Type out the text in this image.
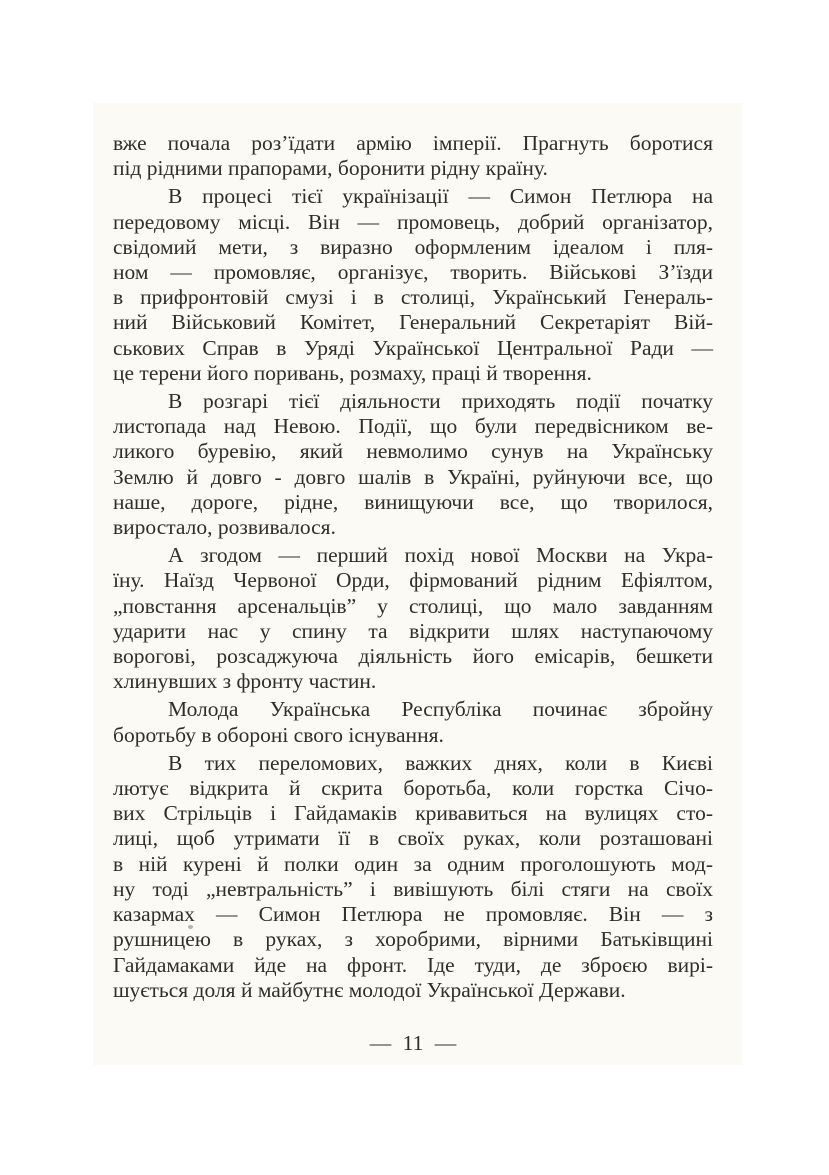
вже почала роз’їдати армію імперії. Прагнуть боротися
під рідними прапорами, боронити рідну країну.

В процесі тієї українізації — Симон Петлюра на
передовому місці. Він — промовець, добрий організатор,
свідомий мети, з виразно оформленим ідеалом і пля-
ном — промовляє, організує, творить. Військові З’їзди
в прифронтовій смузі і в столиці, Український Генераль-
ний Військовий Комітет, Генеральний Секретаріят Вій-
ськових Справ в Уряді Української Центральної Ради —
це терени його поривань, розмаху, праці й творення.

В розгарі тієї діяльности приходять події початку
листопада над Невою. Події, що були передвісником ве-
ликого буревію, який невмолимо сунув на Українську
Землю й довго - довго шалів в Україні, руйнуючи все, що
наше, дороге, рідне, винищуючи все, що творилося,
виростало, розвивалося.

А згодом — перший похід нової Москви на Укра-
їну. Наїзд Червоної Орди, фірмований рідним Ефіялтом,
„повстання арсенальців” у столиці, що мало завданням
ударити нас у спину та відкрити шлях наступаючому
ворогові, розсаджуюча діяльність його емісарів, бешкети
хлинувших з фронту частин.

Молода Українська Республіка починає збройну
боротьбу в обороні свого існування.

В тих переломових, важких днях, коли в Києві
лютує відкрита й скрита боротьба, коли горстка Січо-
вих Стрільців і Гайдамаків кривавиться на вулицях сто-
лиці, щоб утримати її в своїх руках, коли розташовані
в ній курені й полки один за одним проголошують мод-
ну тоді „невтральність” і вивішують білі стяги на своїх
казармах — Симон Петлюра не промовляє. Він — з
рушницею в руках, з хоробрими, вірними Батьківщині
Гайдамаками йде на фронт. Іде туди, де зброєю вирі-
шується доля й майбутнє молодої Української Держави.

— 11 —
